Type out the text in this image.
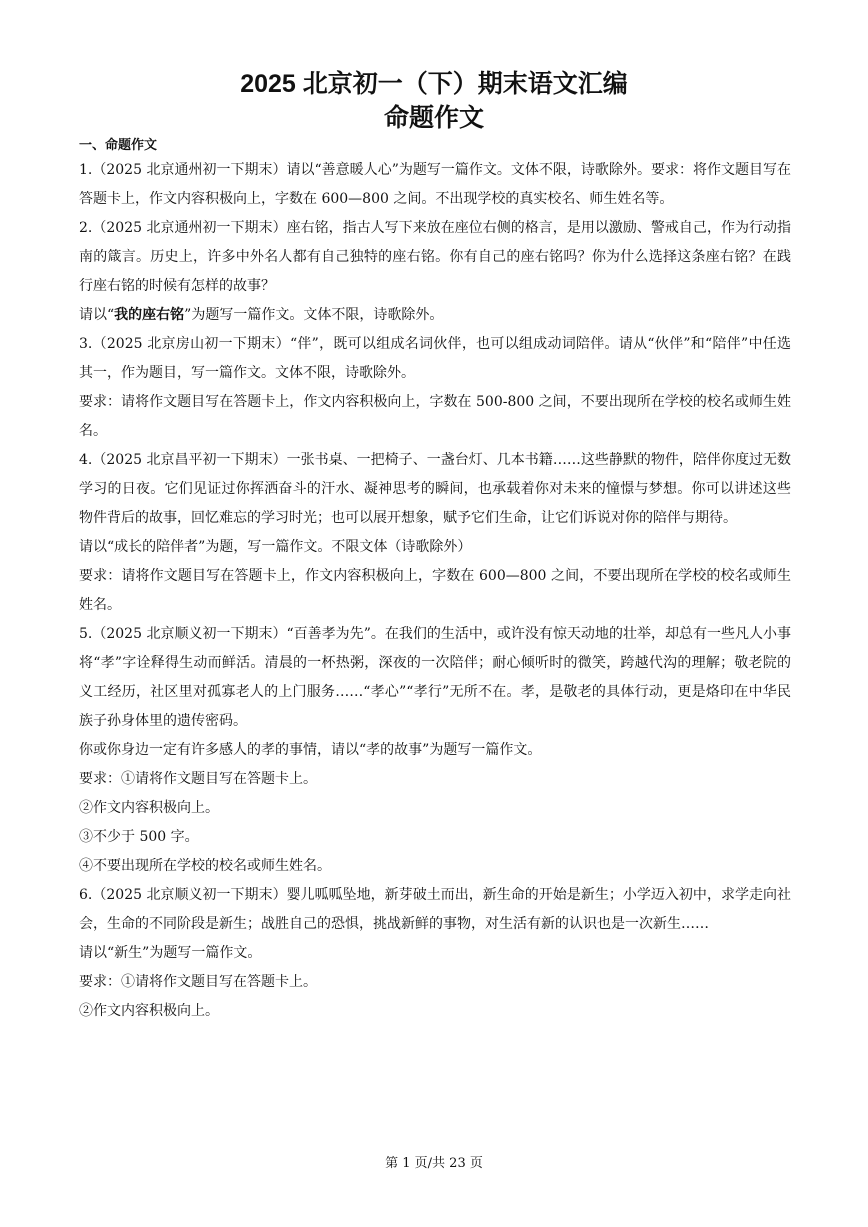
2025 北京初一（下）期末语文汇编
命题作文
一、命题作文

1.（2025 北京通州初一下期末）请以“善意暖人心”为题写一篇作文。文体不限，诗歌除外。要求：将作文题目写在答题卡上，作文内容积极向上，字数在 600—800 之间。不出现学校的真实校名、师生姓名等。

2.（2025 北京通州初一下期末）座右铭，指古人写下来放在座位右侧的格言，是用以激励、警戒自己，作为行动指南的箴言。历史上，许多中外名人都有自己独特的座右铭。你有自己的座右铭吗？你为什么选择这条座右铭？在践行座右铭的时候有怎样的故事？

请以“我的座右铭”为题写一篇作文。文体不限，诗歌除外。

3.（2025 北京房山初一下期末）“伴”，既可以组成名词伙伴，也可以组成动词陪伴。请从“伙伴”和“陪伴”中任选其一，作为题目，写一篇作文。文体不限，诗歌除外。

要求：请将作文题目写在答题卡上，作文内容积极向上，字数在 500-800 之间，不要出现所在学校的校名或师生姓名。

4.（2025 北京昌平初一下期末）一张书桌、一把椅子、一盏台灯、几本书籍……这些静默的物件，陪伴你度过无数学习的日夜。它们见证过你挥洒奋斗的汗水、凝神思考的瞬间，也承载着你对未来的憧憬与梦想。你可以讲述这些物件背后的故事，回忆难忘的学习时光；也可以展开想象，赋予它们生命，让它们诉说对你的陪伴与期待。

请以“成长的陪伴者”为题，写一篇作文。不限文体（诗歌除外）

要求：请将作文题目写在答题卡上，作文内容积极向上，字数在 600—800 之间，不要出现所在学校的校名或师生姓名。

5.（2025 北京顺义初一下期末）“百善孝为先”。在我们的生活中，或许没有惊天动地的壮举，却总有一些凡人小事将“孝”字诠释得生动而鲜活。清晨的一杯热粥，深夜的一次陪伴；耐心倾听时的微笑，跨越代沟的理解；敬老院的义工经历，社区里对孤寡老人的上门服务……“孝心”“孝行”无所不在。孝，是敬老的具体行动，更是烙印在中华民族子孙身体里的遗传密码。

你或你身边一定有许多感人的孝的事情，请以“孝的故事”为题写一篇作文。

要求：①请将作文题目写在答题卡上。

②作文内容积极向上。

③不少于 500 字。

④不要出现所在学校的校名或师生姓名。

6.（2025 北京顺义初一下期末）婴儿呱呱坠地，新芽破土而出，新生命的开始是新生；小学迈入初中，求学走向社会，生命的不同阶段是新生；战胜自己的恐惧，挑战新鲜的事物，对生活有新的认识也是一次新生……

请以“新生”为题写一篇作文。

要求：①请将作文题目写在答题卡上。

②作文内容积极向上。

第 1 页/共 23 页
